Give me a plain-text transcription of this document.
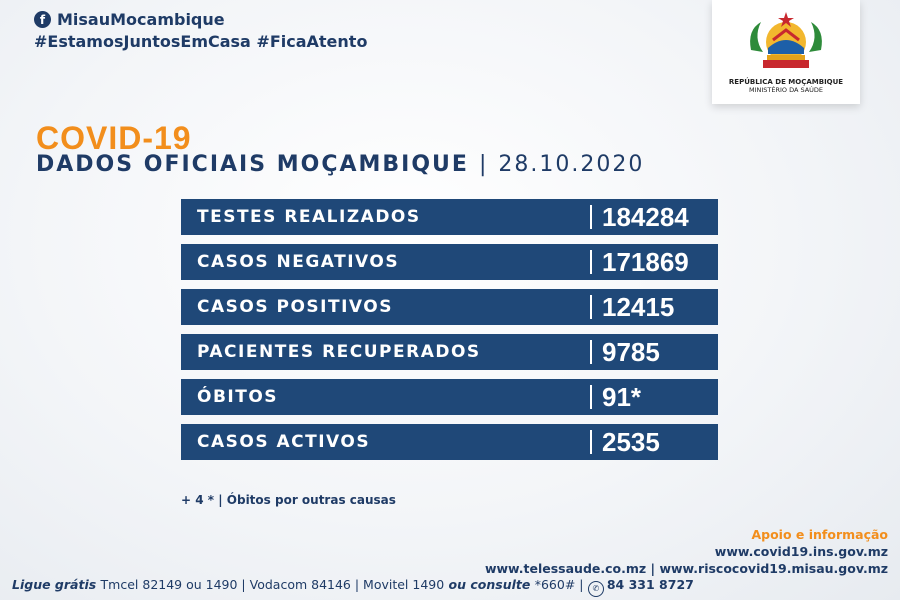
f MisauMocambique
#EstamosJuntosEmCasa #FicaAtento
REPÚBLICA DE MOÇAMBIQUE
MINISTÉRIO DA SAÚDE
COVID-19
DADOS OFICIAIS MOÇAMBIQUE | 28.10.2020
TESTES REALIZADOS	184284
CASOS NEGATIVOS	171869
CASOS POSITIVOS	12415
PACIENTES RECUPERADOS	9785
ÓBITOS	91*
CASOS ACTIVOS	2535
+ 4 * | Óbitos por outras causas
Apoio e informação
www.covid19.ins.gov.mz
www.telessaude.co.mz | www.riscocovid19.misau.gov.mz
Ligue grátis Tmcel 82149 ou 1490 | Vodacom 84146 | Movitel 1490 ou consulte *660# | ✆ 84 331 8727
